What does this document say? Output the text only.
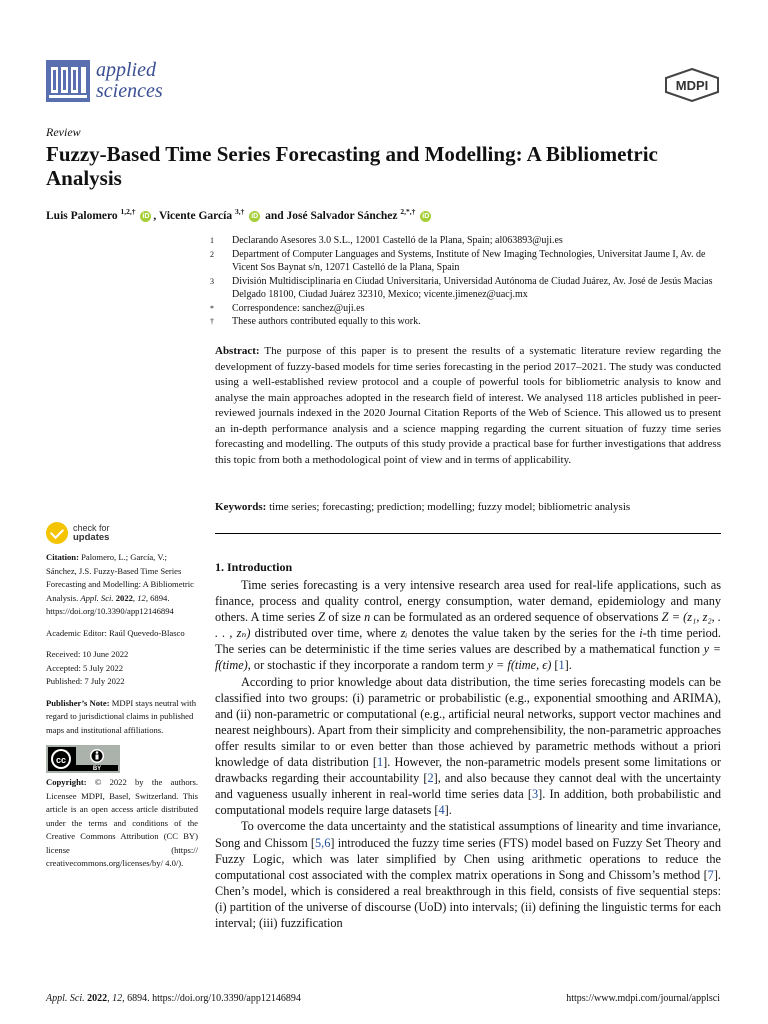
applied
sciences	MDPI
Review
Fuzzy-Based Time Series Forecasting and Modelling: A Bibliometric Analysis
Luis Palomero $^{1,2,\dagger}$ iD , Vicente García $^{3,\dagger}$ iD and José Salvador Sánchez $^{2,*,\dagger}$ iD
1	Declarando Asesores 3.0 S.L., 12001 Castelló de la Plana, Spain; al063893@uji.es
2	Department of Computer Languages and Systems, Institute of New Imaging Technologies, Universitat Jaume I, Av. de Vicent Sos Baynat s/n, 12071 Castelló de la Plana, Spain
3	División Multidisciplinaria en Ciudad Universitaria, Universidad Autónoma de Ciudad Juárez, Av. José de Jesús Macias Delgado 18100, Ciudad Juárez 32310, Mexico; vicente.jimenez@uacj.mx
*	Correspondence: sanchez@uji.es
†	These authors contributed equally to this work.
Abstract: The purpose of this paper is to present the results of a systematic literature review regarding the development of fuzzy-based models for time series forecasting in the period 2017–2021. The study was conducted using a well-established review protocol and a couple of powerful tools for bibliometric analysis to know and analyse the main approaches adopted in the research field of interest. We analysed 118 articles published in peer-reviewed journals indexed in the 2020 Journal Citation Reports of the Web of Science. This allowed us to present an in-depth performance analysis and a science mapping regarding the current situation of fuzzy time series forecasting and modelling. The outputs of this study provide a practical base for further investigations that address this topic from both a methodological point of view and in terms of applicability.
Keywords: time series; forecasting; prediction; modelling; fuzzy model; bibliometric analysis
check for
updates
Citation: Palomero, L.; García, V.; Sánchez, J.S. Fuzzy-Based Time Series Forecasting and Modelling: A Bibliometric Analysis. Appl. Sci. 2022, 12, 6894. https://doi.org/10.3390/app12146894
Academic Editor: Raúl Quevedo-Blasco
Received: 10 June 2022
Accepted: 5 July 2022
Published: 7 July 2022
Publisher’s Note: MDPI stays neutral with regard to jurisdictional claims in published maps and institutional affiliations.
cc
BY
Copyright: © 2022 by the authors. Licensee MDPI, Basel, Switzerland. This article is an open access article distributed under the terms and conditions of the Creative Commons Attribution (CC BY) license (https:// creativecommons.org/licenses/by/ 4.0/).
1. Introduction

Time series forecasting is a very intensive research area used for real-life applications, such as finance, process and quality control, energy consumption, water demand, epidemiology and many others. A time series Z of size n can be formulated as an ordered sequence of observations Z = (z₁, z₂, . . . , zₙ) distributed over time, where zᵢ denotes the value taken by the series for the i-th time period. The series can be deterministic if the time series values are described by a mathematical function y = f(time), or stochastic if they incorporate a random term y = f(time, ϵ) [1].

According to prior knowledge about data distribution, the time series forecasting models can be classified into two groups: (i) parametric or probabilistic (e.g., exponential smoothing and ARIMA), and (ii) non-parametric or computational (e.g., artificial neural networks, support vector machines and nearest neighbours). Apart from their simplicity and comprehensibility, the non-parametric approaches offer results similar to or even better than those achieved by parametric methods without a priori knowledge of data distribution [1]. However, the non-parametric models present some limitations or drawbacks regarding their accountability [2], and also because they cannot deal with the uncertainty and vagueness usually inherent in real-world time series data [3]. In addition, both probabilistic and computational models require large datasets [4].

To overcome the data uncertainty and the statistical assumptions of linearity and time invariance, Song and Chissom [5,6] introduced the fuzzy time series (FTS) model based on Fuzzy Set Theory and Fuzzy Logic, which was later simplified by Chen using arithmetic operations to reduce the computational cost associated with the complex matrix operations in Song and Chissom’s method [7]. Chen’s model, which is considered a real breakthrough in this field, consists of five sequential steps: (i) partition of the universe of discourse (UoD) into intervals; (ii) defining the linguistic terms for each interval; (iii) fuzzification

Appl. Sci. 2022, 12, 6894. https://doi.org/10.3390/app12146894	https://www.mdpi.com/journal/applsci
